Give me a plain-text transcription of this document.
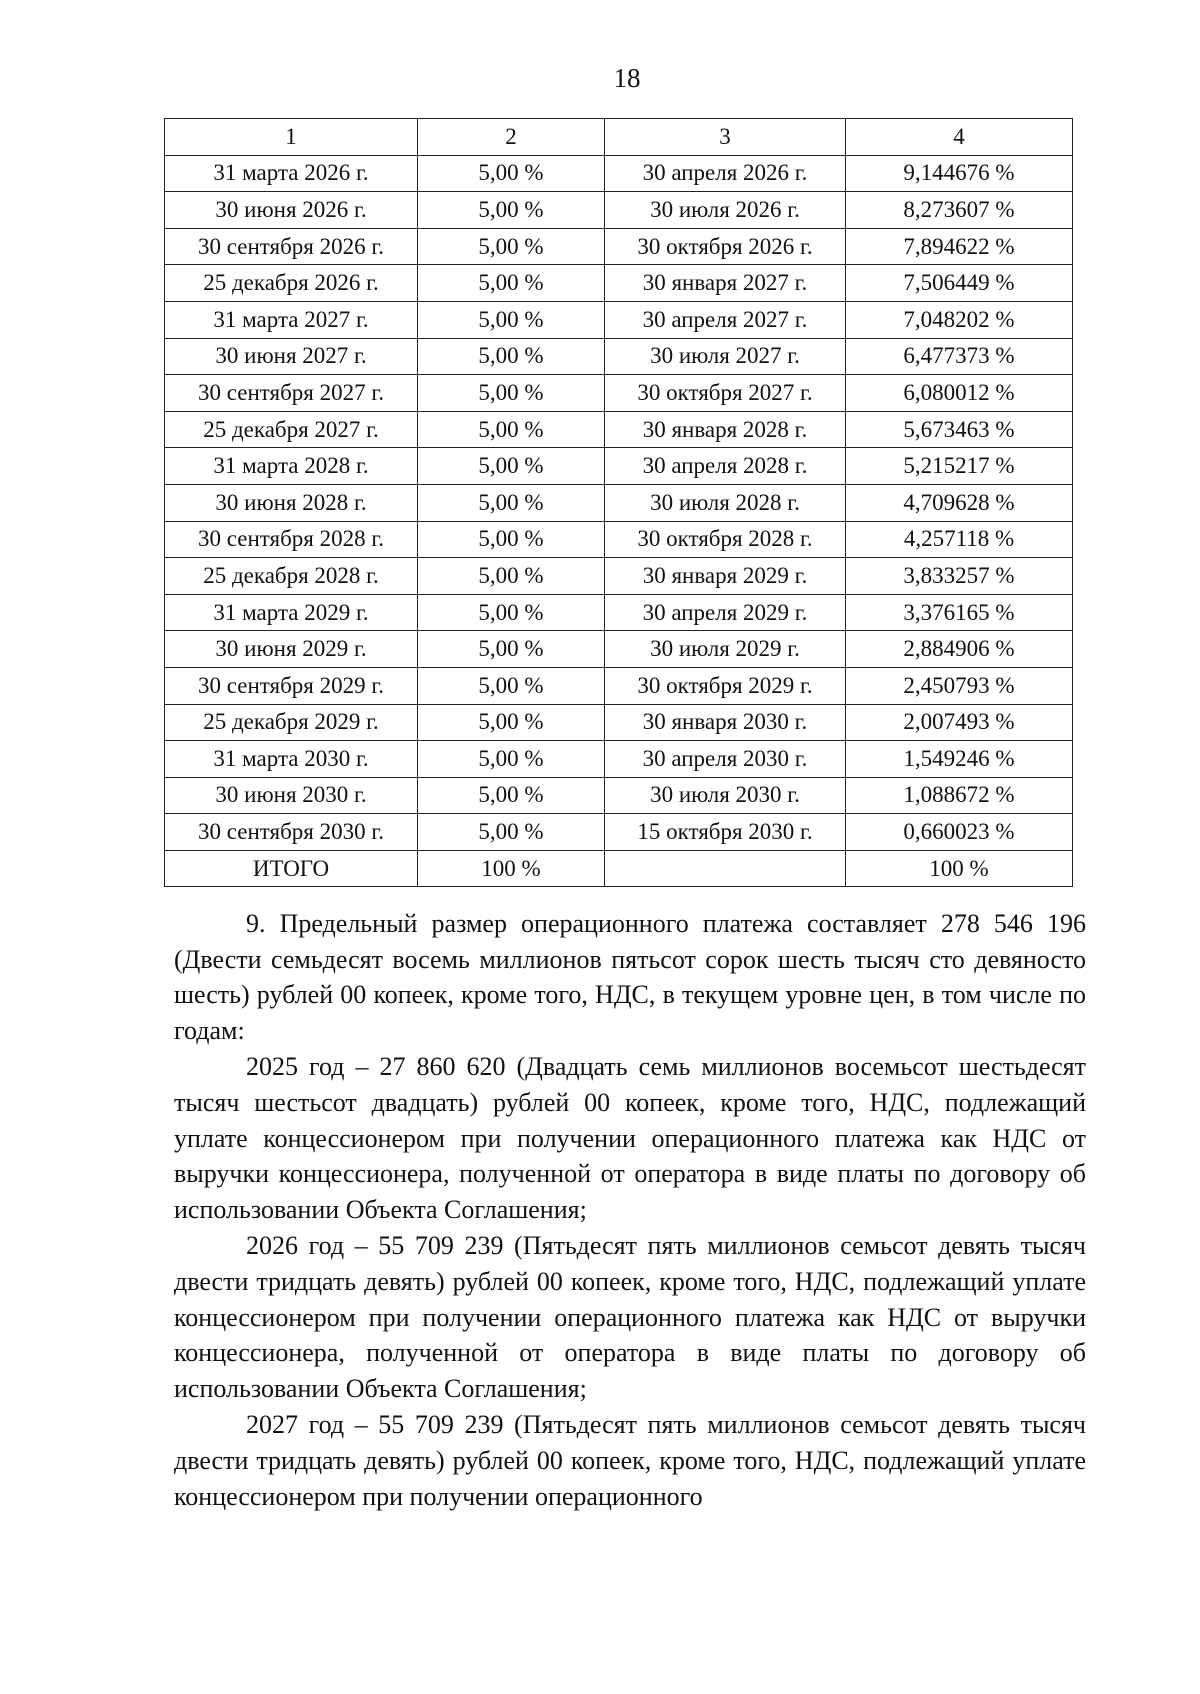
18
1	2	3	4
31 марта 2026 г.	5,00 %	30 апреля 2026 г.	9,144676 %
30 июня 2026 г.	5,00 %	30 июля 2026 г.	8,273607 %
30 сентября 2026 г.	5,00 %	30 октября 2026 г.	7,894622 %
25 декабря 2026 г.	5,00 %	30 января 2027 г.	7,506449 %
31 марта 2027 г.	5,00 %	30 апреля 2027 г.	7,048202 %
30 июня 2027 г.	5,00 %	30 июля 2027 г.	6,477373 %
30 сентября 2027 г.	5,00 %	30 октября 2027 г.	6,080012 %
25 декабря 2027 г.	5,00 %	30 января 2028 г.	5,673463 %
31 марта 2028 г.	5,00 %	30 апреля 2028 г.	5,215217 %
30 июня 2028 г.	5,00 %	30 июля 2028 г.	4,709628 %
30 сентября 2028 г.	5,00 %	30 октября 2028 г.	4,257118 %
25 декабря 2028 г.	5,00 %	30 января 2029 г.	3,833257 %
31 марта 2029 г.	5,00 %	30 апреля 2029 г.	3,376165 %
30 июня 2029 г.	5,00 %	30 июля 2029 г.	2,884906 %
30 сентября 2029 г.	5,00 %	30 октября 2029 г.	2,450793 %
25 декабря 2029 г.	5,00 %	30 января 2030 г.	2,007493 %
31 марта 2030 г.	5,00 %	30 апреля 2030 г.	1,549246 %
30 июня 2030 г.	5,00 %	30 июля 2030 г.	1,088672 %
30 сентября 2030 г.	5,00 %	15 октября 2030 г.	0,660023 %
ИТОГО	100 %		100 %

9. Предельный размер операционного платежа составляет 278 546 196 (Двести семьдесят восемь миллионов пятьсот сорок шесть тысяч сто девяносто шесть) рублей 00 копеек, кроме того, НДС, в текущем уровне цен, в том числе по годам:

2025 год – 27 860 620 (Двадцать семь миллионов восемьсот шестьдесят тысяч шестьсот двадцать) рублей 00 копеек, кроме того, НДС, подлежащий уплате концессионером при получении операционного платежа как НДС от выручки концессионера, полученной от оператора в виде платы по договору об использовании Объекта Соглашения;

2026 год – 55 709 239 (Пятьдесят пять миллионов семьсот девять тысяч двести тридцать девять) рублей 00 копеек, кроме того, НДС, подлежащий уплате концессионером при получении операционного платежа как НДС от выручки концессионера, полученной от оператора в виде платы по договору об использовании Объекта Соглашения;

2027 год – 55 709 239 (Пятьдесят пять миллионов семьсот девять тысяч двести тридцать девять) рублей 00 копеек, кроме того, НДС, подлежащий уплате концессионером при получении операционного
